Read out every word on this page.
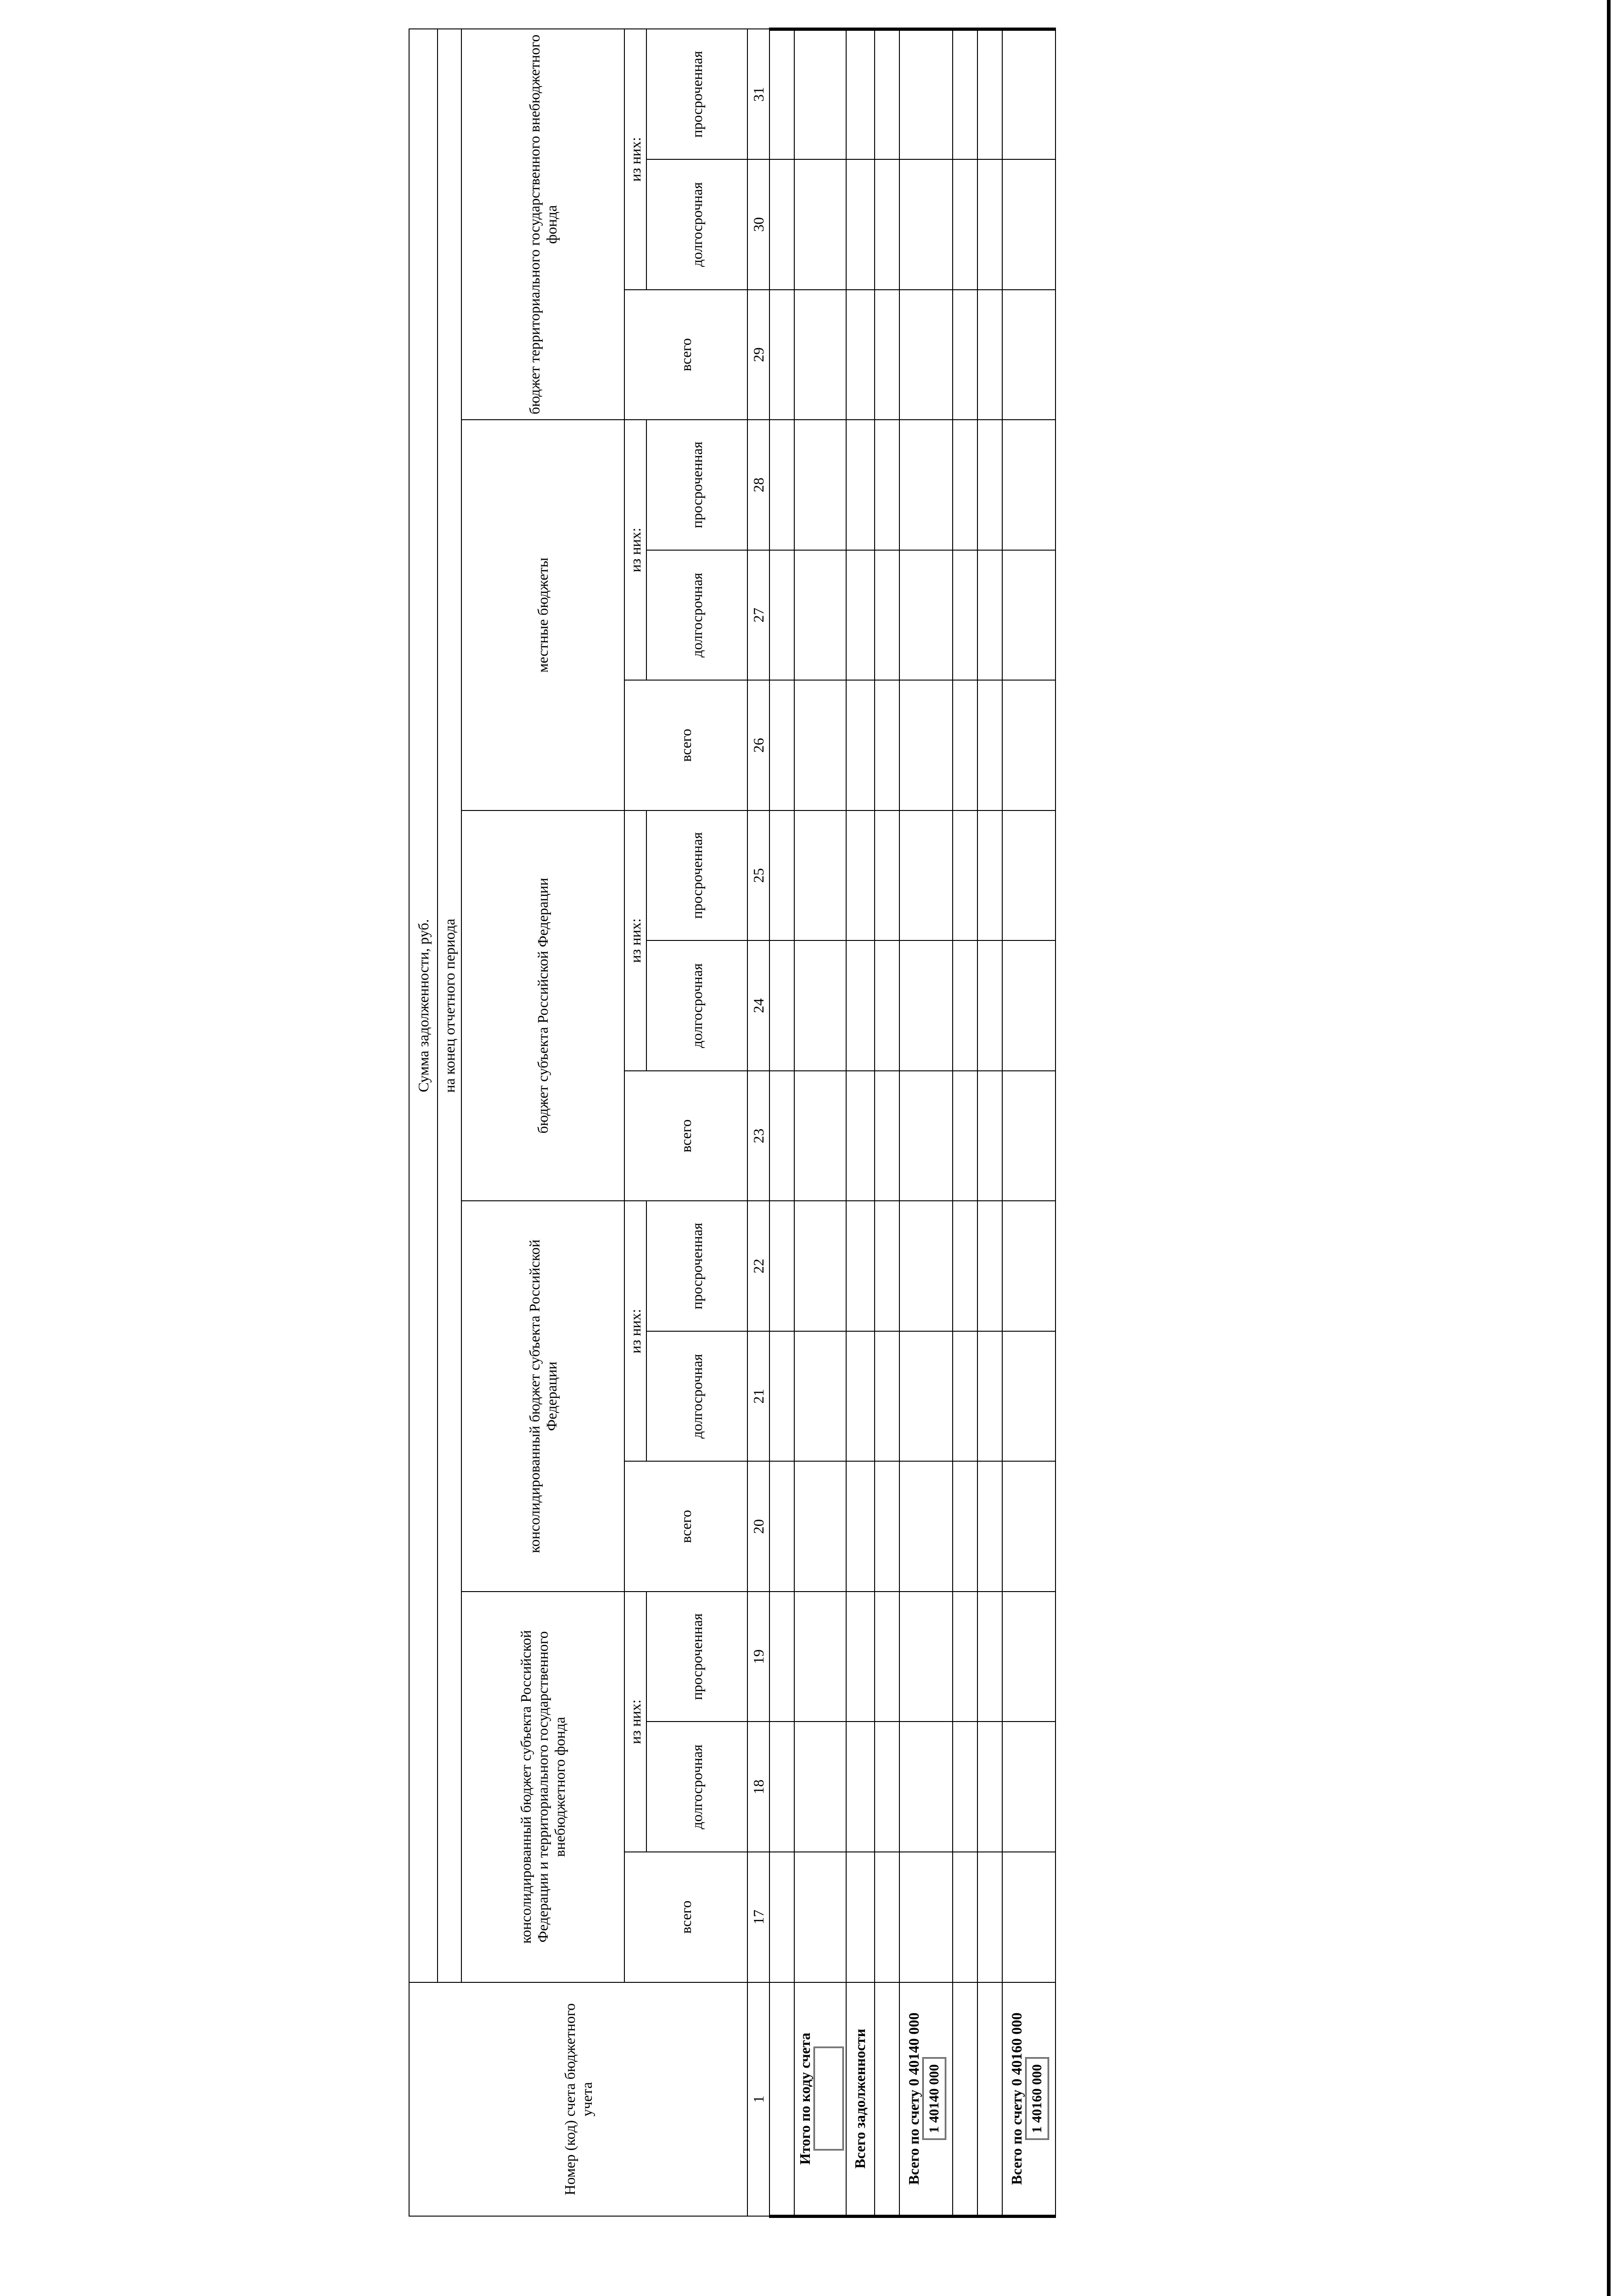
Номер (код) счета бюджетного учета	Сумма задолженности, руб.														
	на конец отчетного периода														
	консолидированный бюджет субъекта Российской Федерации и территориального государственного внебюджетного фонда			консолидированный бюджет субъекта Российской Федерации			бюджет субъекта Российской Федерации			местные бюджеты			бюджет территориального государственного внебюджетного фонда		
	всего	из них:		всего	из них:		всего	из них:		всего	из них:		всего	из них:	
		долгосрочная	просроченная		долгосрочная	просроченная		долгосрочная	просроченная		долгосрочная	просроченная		долгосрочная	просроченная
1	17	18	19	20	21	22	23	24	25	26	27	28	29	30	31

Итого по коду счета															
Всего задолженности															

Всего по счету 0 40140 000 1 40140 000															

Всего по счету 0 40160 000 1 40160 000															
